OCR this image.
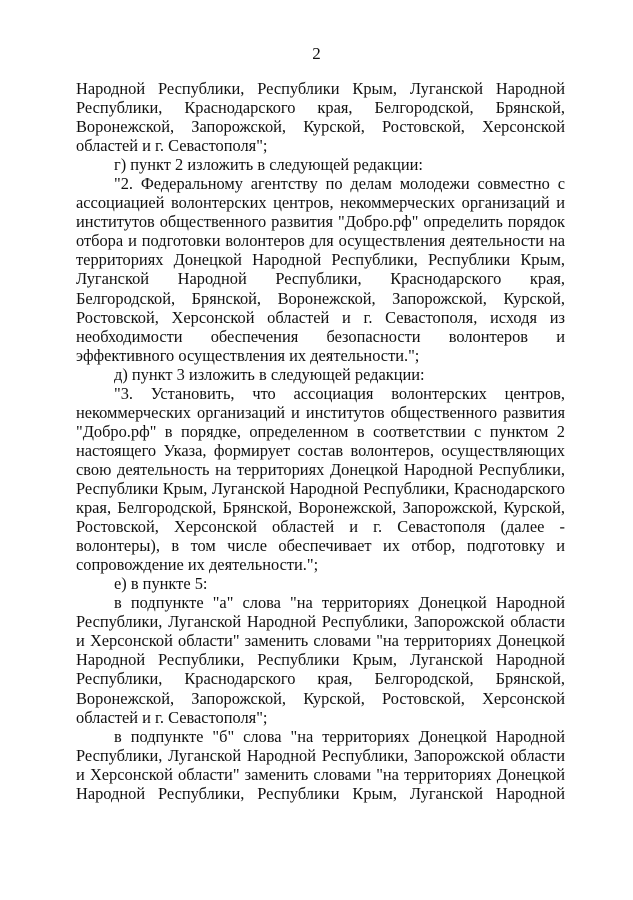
2

Народной Республики, Республики Крым, Луганской Народной Республики, Краснодарского края, Белгородской, Брянской, Воронежской, Запорожской, Курской, Ростовской, Херсонской областей и г. Севастополя";

г) пункт 2 изложить в следующей редакции:

"2. Федеральному агентству по делам молодежи совместно с ассоциацией волонтерских центров, некоммерческих организаций и институтов общественного развития "Добро.рф" определить порядок отбора и подготовки волонтеров для осуществления деятельности на территориях Донецкой Народной Республики, Республики Крым, Луганской Народной Республики, Краснодарского края, Белгородской, Брянской, Воронежской, Запорожской, Курской, Ростовской, Херсонской областей и г. Севастополя, исходя из необходимости обеспечения безопасности волонтеров и эффективного осуществления их деятельности.";

д) пункт 3 изложить в следующей редакции:

"3. Установить, что ассоциация волонтерских центров, некоммерческих организаций и институтов общественного развития "Добро.рф" в порядке, определенном в соответствии с пунктом 2 настоящего Указа, формирует состав волонтеров, осуществляющих свою деятельность на территориях Донецкой Народной Республики, Республики Крым, Луганской Народной Республики, Краснодарского края, Белгородской, Брянской, Воронежской, Запорожской, Курской, Ростовской, Херсонской областей и г. Севастополя (далее - волонтеры), в том числе обеспечивает их отбор, подготовку и сопровождение их деятельности.";

е) в пункте 5:

в подпункте "а" слова "на территориях Донецкой Народной Республики, Луганской Народной Республики, Запорожской области и Херсонской области" заменить словами "на территориях Донецкой Народной Республики, Республики Крым, Луганской Народной Республики, Краснодарского края, Белгородской, Брянской, Воронежской, Запорожской, Курской, Ростовской, Херсонской областей и г. Севастополя";

в подпункте "б" слова "на территориях Донецкой Народной Республики, Луганской Народной Республики, Запорожской области и Херсонской области" заменить словами "на территориях Донецкой Народной Республики, Республики Крым, Луганской Народной
